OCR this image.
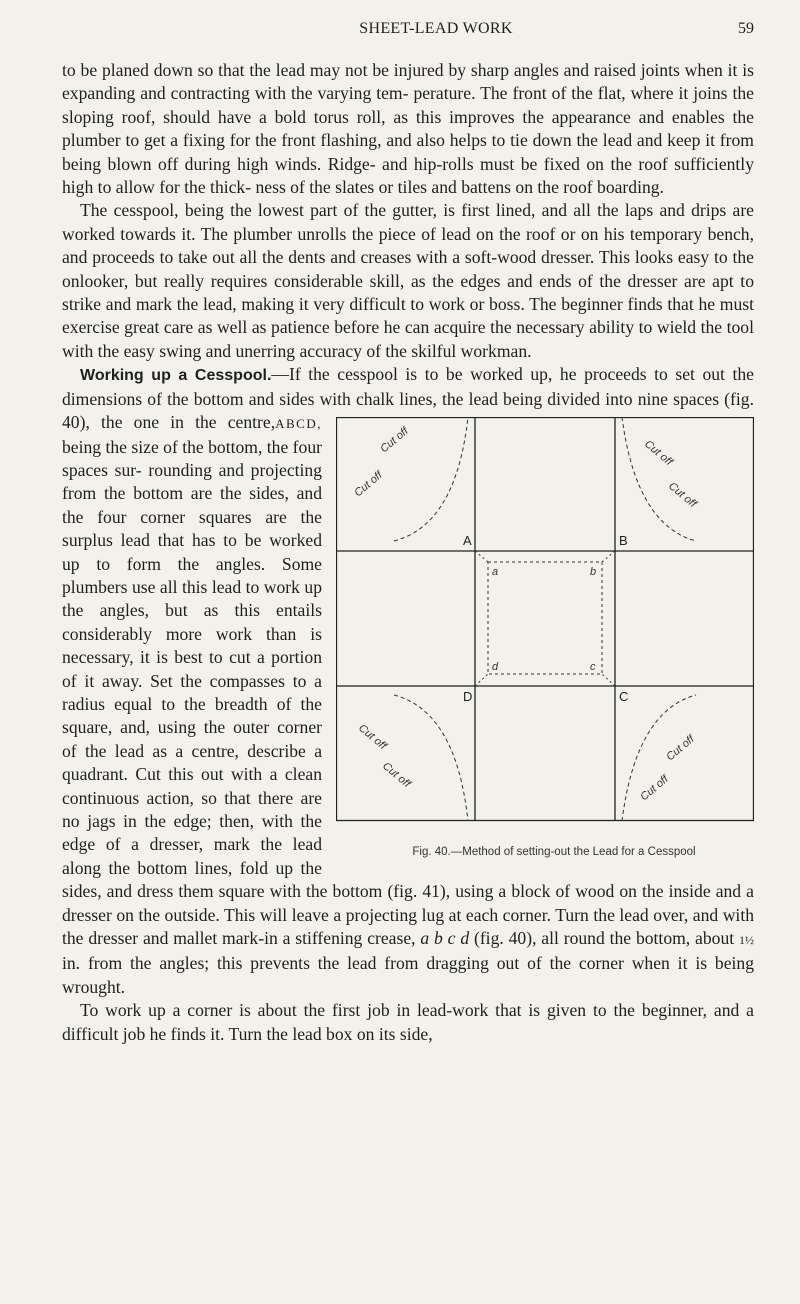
SHEET-LEAD WORK	59

to be planed down so that the lead may not be injured by sharp angles and raised joints when it is expanding and contracting with the varying tem- perature. The front of the flat, where it joins the sloping roof, should have a bold torus roll, as this improves the appearance and enables the plumber to get a fixing for the front flashing, and also helps to tie down the lead and keep it from being blown off during high winds. Ridge- and hip-rolls must be fixed on the roof sufficiently high to allow for the thick- ness of the slates or tiles and battens on the roof boarding.

The cesspool, being the lowest part of the gutter, is first lined, and all the laps and drips are worked towards it. The plumber unrolls the piece of lead on the roof or on his temporary bench, and proceeds to take out all the dents and creases with a soft-wood dresser. This looks easy to the onlooker, but really requires considerable skill, as the edges and ends of the dresser are apt to strike and mark the lead, making it very difficult to work or boss. The beginner finds that he must exercise great care as well as patience before he can acquire the necessary ability to wield the tool with the easy swing and unerring accuracy of the skilful workman.

Working up a Cesspool.—If the cesspool is to be worked up, he proceeds to set out the dimensions of the bottom and sides with chalk lines, the lead being divided into nine spaces (fig. 40), the one in the centre,
Cut off
Cut off
Cut off
Cut off
Cut off
Cut off
Cut off
Cut off
A	B
C
D
a	b
c
d
Fig. 40.—Method of setting-out the Lead for a Cesspool
ABCD, being the size of the bottom, the four spaces sur- rounding and projecting from the bottom are the sides, and the four corner squares are the surplus lead that has to be worked up to form the angles. Some plumbers use all this lead to work up the angles, but as this entails considerably more work than is necessary, it is best to cut a portion of it away. Set the compasses to a radius equal to the breadth of the square, and, using the outer corner of the lead as a centre, describe a quadrant. Cut this out with a clean continuous action, so that there are no jags in the edge; then, with the edge of a dresser, mark the lead along the bottom lines, fold up the sides, and dress them square with the bottom (fig. 41), using a block of wood on the inside and a dresser on the outside. This will leave a projecting lug at each corner. Turn the lead over, and with the dresser and mallet mark-in a stiffening crease, a b c d (fig. 40), all round the bottom, about 1½ in. from the angles; this prevents the lead from dragging out of the corner when it is being wrought.

To work up a corner is about the first job in lead-work that is given to the beginner, and a difficult job he finds it. Turn the lead box on its side,
